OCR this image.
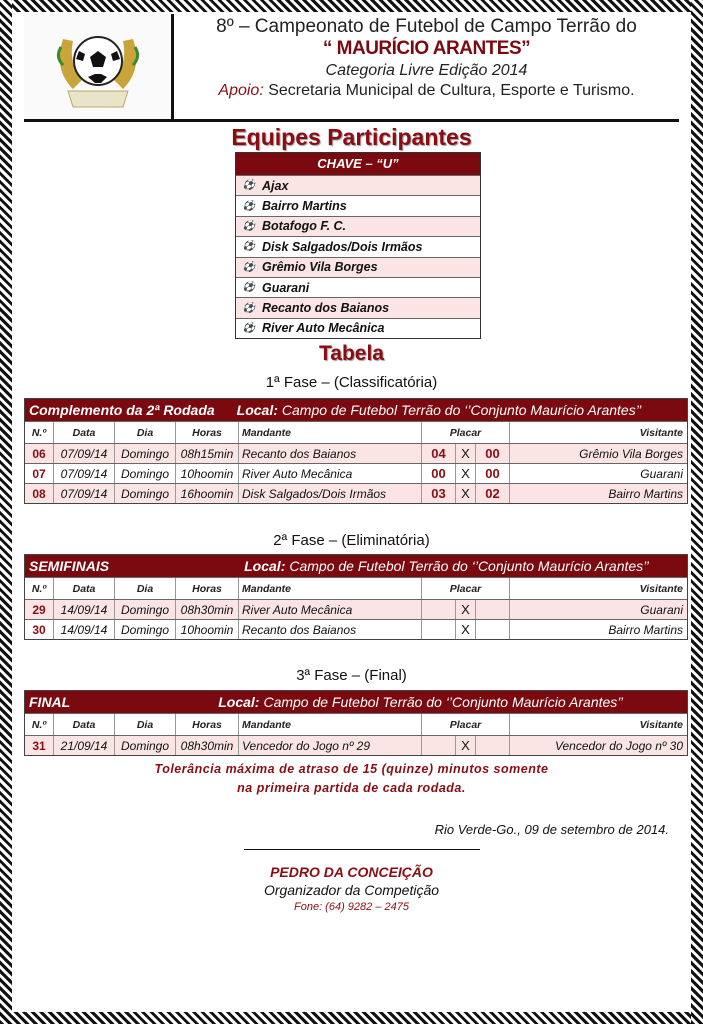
8º – Campeonato de Futebol de Campo Terrão do
“ MAURÍCIO ARANTES”
Categoria Livre Edição 2014
Apoio: Secretaria Municipal de Cultura, Esporte e Turismo.
Equipes Participantes
CHAVE – “U”
⚽ Ajax
⚽ Bairro Martins
⚽ Botafogo F. C.
⚽ Disk Salgados/Dois Irmãos
⚽ Grêmio Vila Borges
⚽ Guarani
⚽ Recanto dos Baianos
⚽ River Auto Mecânica
Tabela
1ª Fase – (Classificatória)
Complemento da 2ª Rodada Local: Campo de Futebol Terrão do ‘’Conjunto Maurício Arantes’’
N.º	Data	Dia	Horas	Mandante	Placar	Visitante
06	07/09/14	Domingo 08h15min Recanto dos Baianos	04	X	00	Grêmio Vila Borges
07	07/09/14	Domingo 10hoomin River Auto Mecânica	00	X	00	Guarani
08	07/09/14	Domingo 16hoomin Disk Salgados/Dois Irmãos	03	X	02	Bairro Martins
2ª Fase – (Eliminatória)
SEMIFINAIS	Local: Campo de Futebol Terrão do ‘’Conjunto Maurício Arantes’’
N.º	Data	Dia	Horas	Mandante	Placar	Visitante
29	14/09/14	Domingo 08h30min River Auto Mecânica	X	Guarani
30	14/09/14	Domingo 10hoomin Recanto dos Baianos	X	Bairro Martins
3ª Fase – (Final)
FINAL	Local: Campo de Futebol Terrão do ‘’Conjunto Maurício Arantes’’
N.º	Data	Dia	Horas	Mandante	Placar	Visitante
31	21/09/14	Domingo 08h30min Vencedor do Jogo nº 29	X	Vencedor do Jogo nº 30
Tolerância máxima de atraso de 15 (quinze) minutos somente
na primeira partida de cada rodada.
Rio Verde-Go., 09 de setembro de 2014.
PEDRO DA CONCEIÇÃO
Organizador da Competição
Fone: (64) 9282 – 2475
